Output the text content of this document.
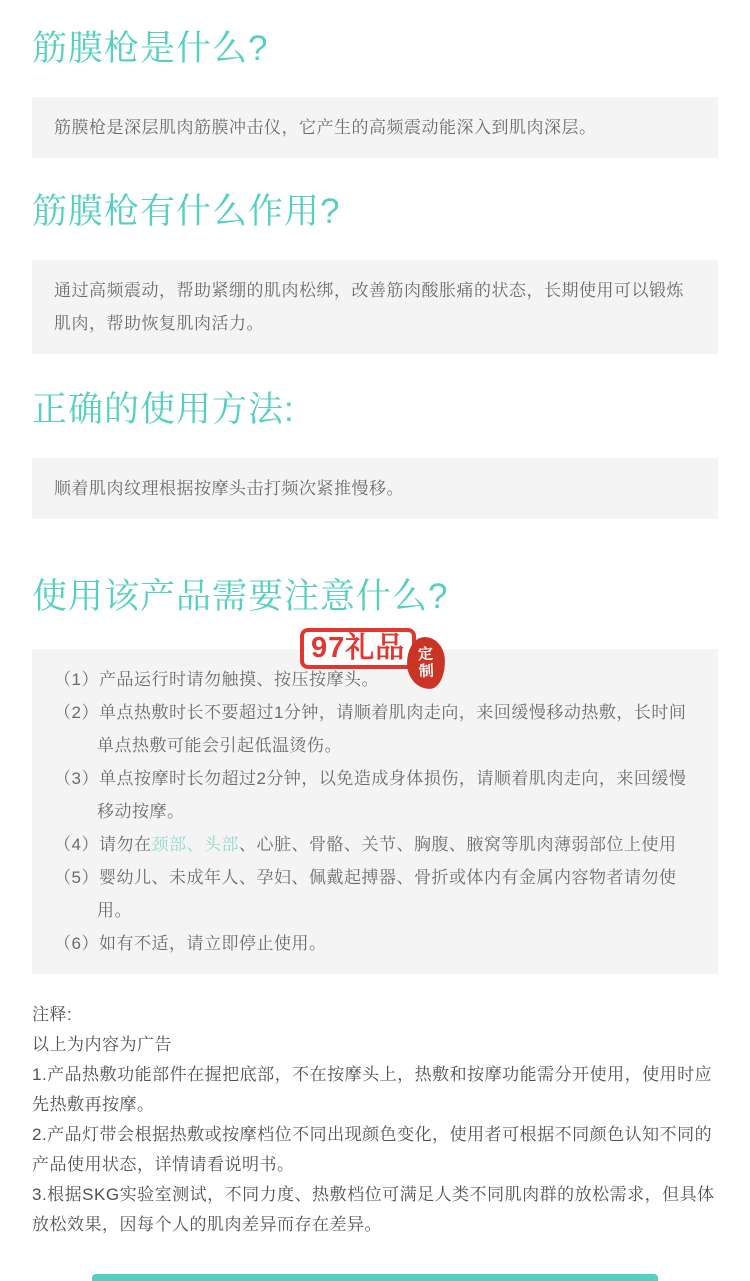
筋膜枪是什么?

筋膜枪是深层肌肉筋膜冲击仪，它产生的高频震动能深入到肌肉深层。

筋膜枪有什么作用?

通过高频震动，帮助紧绷的肌肉松绑，改善筋肉酸胀痛的状态，长期使用可以锻炼肌肉，帮助恢复肌肉活力。

正确的使用方法:

顺着肌肉纹理根据按摩头击打频次紧推慢移。

使用该产品需要注意什么?

（1）产品运行时请勿触摸、按压按摩头。

（2）单点热敷时长不要超过1分钟，请顺着肌肉走向，来回缓慢移动热敷，长时间单点热敷可能会引起低温烫伤。

（3）单点按摩时长勿超过2分钟，以免造成身体损伤，请顺着肌肉走向，来回缓慢移动按摩。

（4）请勿在颈部、头部、心脏、骨骼、关节、胸腹、腋窝等肌肉薄弱部位上使用

（5）婴幼儿、未成年人、孕妇、佩戴起搏器、骨折或体内有金属内容物者请勿使用。

（6）如有不适，请立即停止使用。

注释:

以上为内容为广告

1.产品热敷功能部件在握把底部，不在按摩头上，热敷和按摩功能需分开使用，使用时应先热敷再按摩。

2.产品灯带会根据热敷或按摩档位不同出现颜色变化，使用者可根据不同颜色认知不同的产品使用状态，详情请看说明书。

3.根据SKG实验室测试，不同力度、热敷档位可满足人类不同肌肉群的放松需求，但具体放松效果，因每个人的肌肉差异而存在差异。

97礼品 定
制
